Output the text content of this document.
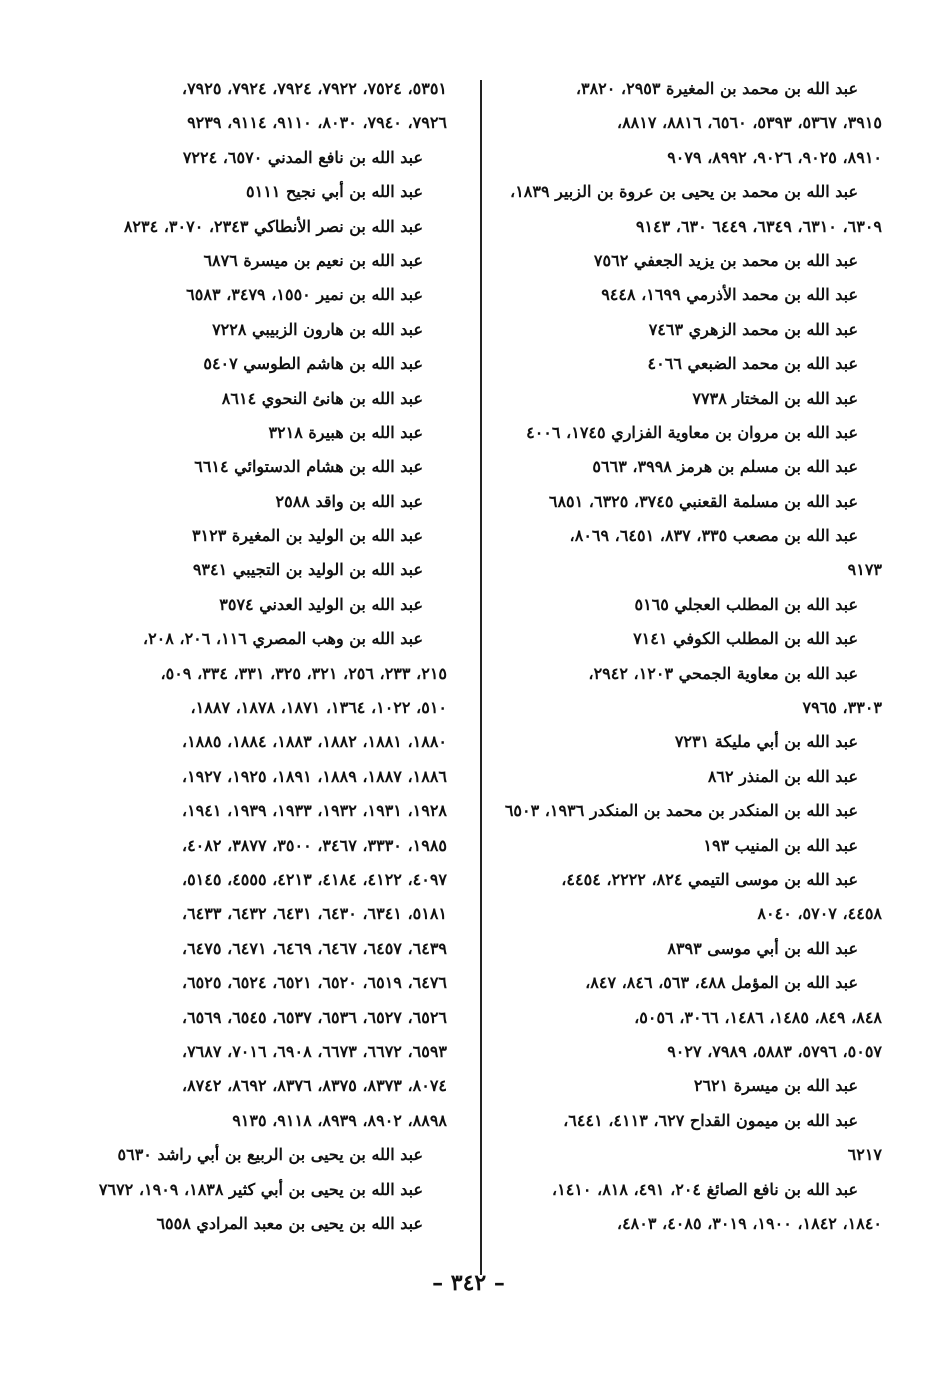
عبد الله بن محمد بن المغيرة ٢٩٥٣، ٣٨٢٠،
٣٩١٥، ٥٣٦٧، ٥٣٩٣، ٦٥٦٠، ٨٨١٦، ٨٨١٧،
٨٩١٠، ٩٠٢٥، ٩٠٢٦، ٨٩٩٢، ٩٠٧٩
عبد الله بن محمد بن يحيى بن عروة بن الزبير ١٨٣٩،
٦٣٠٩، ٦٣١٠، ٦٣٤٩، ٦٤٤٩ ٦٣٠، ٩١٤٣
عبد الله بن محمد بن يزيد الجعفي ٧٥٦٢
عبد الله بن محمد الأذرمي ١٦٩٩، ٩٤٤٨
عبد الله بن محمد الزهري ٧٤٦٣
عبد الله بن محمد الضبعي ٤٠٦٦
عبد الله بن المختار ٧٧٣٨
عبد الله بن مروان بن معاوية الفزاري ١٧٤٥، ٤٠٠٦
عبد الله بن مسلم بن هرمز ٣٩٩٨، ٥٦٦٣
عبد الله بن مسلمة القعنبي ٣٧٤٥، ٦٣٢٥، ٦٨٥١
عبد الله بن مصعب ٣٣٥، ٨٣٧، ٦٤٥١، ٨٠٦٩،
٩١٧٣
عبد الله بن المطلب العجلي ٥١٦٥
عبد الله بن المطلب الكوفي ٧١٤١
عبد الله بن معاوية الجمحي ١٢٠٣، ٢٩٤٢،
٣٣٠٣، ٧٩٦٥
عبد الله بن أبي مليكة ٧٢٣١
عبد الله بن المنذر ٨٦٢
عبد الله بن المنكدر بن محمد بن المنكدر ١٩٣٦، ٦٥٠٣
عبد الله بن المنيب ١٩٣
عبد الله بن موسى التيمي ٨٢٤، ٢٢٢٢، ٤٤٥٤،
٤٤٥٨، ٥٧٠٧، ٨٠٤٠
عبد الله بن أبي موسى ٨٣٩٣
عبد الله بن المؤمل ٤٨٨، ٥٦٣، ٨٤٦، ٨٤٧،
٨٤٨، ٨٤٩، ١٤٨٥، ١٤٨٦، ٣٠٦٦، ٥٠٥٦،
٥٠٥٧، ٥٧٩٦، ٥٨٨٣، ٧٩٨٩، ٩٠٢٧
عبد الله بن ميسرة ٢٦٢١
عبد الله بن ميمون القداح ٦٢٧، ٤١١٣، ٦٤٤١،
٦٢١٧
عبد الله بن نافع الصائغ ٢٠٤، ٤٩١، ٨١٨، ١٤١٠،
١٨٤٠، ١٨٤٢، ١٩٠٠، ٣٠١٩، ٤٠٨٥، ٤٨٠٣،
٥٣٥١، ٧٥٢٤، ٧٩٢٢، ٧٩٢٤، ٧٩٢٤، ٧٩٢٥،
٧٩٢٦، ٧٩٤٠، ٨٠٣٠، ٩١١٠، ٩١١٤، ٩٢٣٩
عبد الله بن نافع المدني ٦٥٧٠، ٧٢٢٤
عبد الله بن أبي نجيح ٥١١١
عبد الله بن نصر الأنطاكي ٢٣٤٣، ٣٠٧٠، ٨٢٣٤
عبد الله بن نعيم بن ميسرة ٦٨٧٦
عبد الله بن نمير ١٥٥٠، ٣٤٧٩، ٦٥٨٣
عبد الله بن هارون الزبيبي ٧٢٢٨
عبد الله بن هاشم الطوسي ٥٤٠٧
عبد الله بن هانئ النحوي ٨٦١٤
عبد الله بن هبيرة ٣٢١٨
عبد الله بن هشام الدستوائي ٦٦١٤
عبد الله بن واقد ٢٥٨٨
عبد الله بن الوليد بن المغيرة ٣١٢٣
عبد الله بن الوليد بن التجيبي ٩٣٤١
عبد الله بن الوليد العدني ٣٥٧٤
عبد الله بن وهب المصري ١١٦، ٢٠٦، ٢٠٨،
٢١٥، ٢٣٣، ٢٥٦، ٣٢١، ٣٢٥، ٣٣١، ٣٣٤، ٥٠٩،
٥١٠، ١٠٢٢، ١٣٦٤، ١٨٧١، ١٨٧٨، ١٨٨٧،
١٨٨٠، ١٨٨١، ١٨٨٢، ١٨٨٣، ١٨٨٤، ١٨٨٥،
١٨٨٦، ١٨٨٧، ١٨٨٩، ١٨٩١، ١٩٢٥، ١٩٢٧،
١٩٢٨، ١٩٣١، ١٩٣٢، ١٩٣٣، ١٩٣٩، ١٩٤١،
١٩٨٥، ٣٣٣٠، ٣٤٦٧، ٣٥٠٠، ٣٨٧٧، ٤٠٨٢،
٤٠٩٧، ٤١٢٢، ٤١٨٤، ٤٢١٣، ٤٥٥٥، ٥١٤٥،
٥١٨١، ٦٣٤١، ٦٤٣٠، ٦٤٣١، ٦٤٣٢، ٦٤٣٣،
٦٤٣٩، ٦٤٥٧، ٦٤٦٧، ٦٤٦٩، ٦٤٧١، ٦٤٧٥،
٦٤٧٦، ٦٥١٩، ٦٥٢٠، ٦٥٢١، ٦٥٢٤، ٦٥٢٥،
٦٥٢٦، ٦٥٢٧، ٦٥٣٦، ٦٥٣٧، ٦٥٤٥، ٦٥٦٩،
٦٥٩٣، ٦٦٧٢، ٦٦٧٣، ٦٩٠٨، ٧٠١٦، ٧٦٨٧،
٨٠٧٤، ٨٣٧٣، ٨٣٧٥، ٨٣٧٦، ٨٦٩٢، ٨٧٤٢،
٨٨٩٨، ٨٩٠٢، ٨٩٣٩، ٩١١٨، ٩١٣٥
عبد الله بن يحيى بن الربيع بن أبي راشد ٥٦٣٠
عبد الله بن يحيى بن أبي كثير ١٨٣٨، ١٩٠٩، ٧٦٧٢
عبد الله بن يحيى بن معبد المرادي ٦٥٥٨
– ٣٤٢ –
